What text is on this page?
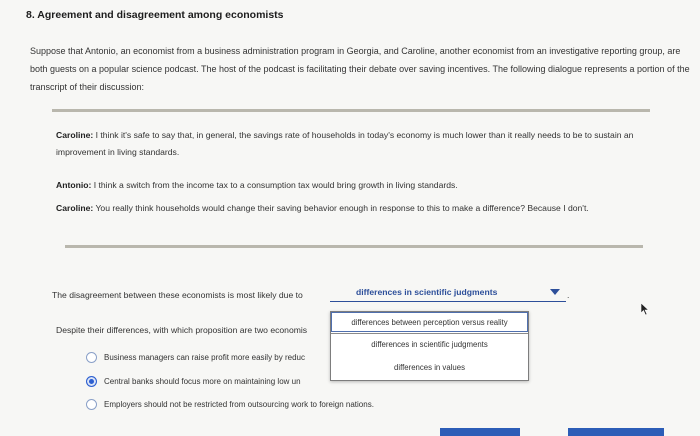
8. Agreement and disagreement among economists
Suppose that Antonio, an economist from a business administration program in Georgia, and Caroline, another economist from an investigative reporting group, are both guests on a popular science podcast. The host of the podcast is facilitating their debate over saving incentives. The following dialogue represents a portion of the transcript of their discussion:
Caroline: I think it's safe to say that, in general, the savings rate of households in today's economy is much lower than it really needs to be to sustain an improvement in living standards.
Antonio: I think a switch from the income tax to a consumption tax would bring growth in living standards.
Caroline: You really think households would change their saving behavior enough in response to this to make a difference? Because I don't.
The disagreement between these economists is most likely due to	differences in scientific judgments	.
Despite their differences, with which proposition are two economis
Business managers can raise profit more easily by reduc
Central banks should focus more on maintaining low un
Employers should not be restricted from outsourcing work to foreign nations.
differences between perception versus reality
differences in scientific judgments
differences in values
